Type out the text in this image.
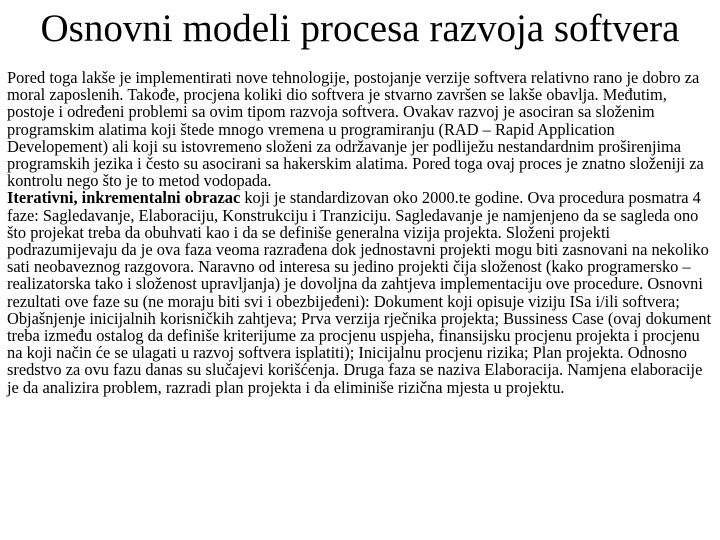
Osnovni modeli procesa razvoja softvera

Pored toga lakše je implementirati nove tehnologije, postojanje verzije softvera relativno rano je dobro za moral zaposlenih. Takođe, procjena koliki dio softvera je stvarno završen se lakše obavlja. Međutim, postoje i određeni problemi sa ovim tipom razvoja softvera. Ovakav razvoj je asociran sa složenim programskim alatima koji štede mnogo vremena u programiranju (RAD – Rapid Application Developement) ali koji su istovremeno složeni za održavanje jer podliježu nestandardnim proširenjima programskih jezika i često su asocirani sa hakerskim alatima. Pored toga ovaj proces je znatno složeniji za kontrolu nego što je to metod vodopada.

Iterativni, inkrementalni obrazac koji je standardizovan oko 2000.te godine. Ova procedura posmatra 4 faze: Sagledavanje, Elaboraciju, Konstrukciju i Tranziciju. Sagledavanje je namjenjeno da se sagleda ono što projekat treba da obuhvati kao i da se definiše generalna vizija projekta. Složeni projekti podrazumijevaju da je ova faza veoma razrađena dok jednostavni projekti mogu biti zasnovani na nekoliko sati neobaveznog razgovora. Naravno od interesa su jedino projekti čija složenost (kako programersko – realizatorska tako i složenost upravljanja) je dovoljna da zahtjeva implementaciju ove procedure. Osnovni rezultati ove faze su (ne moraju biti svi i obezbijeđeni): Dokument koji opisuje viziju ISa i/ili softvera; Objašnjenje inicijalnih korisničkih zahtjeva; Prva verzija rječnika projekta; Bussiness Case (ovaj dokument treba između ostalog da definiše kriterijume za procjenu uspjeha, finansijsku procjenu projekta i procjenu na koji način će se ulagati u razvoj softvera isplatiti); Inicijalnu procjenu rizika; Plan projekta. Odnosno sredstvo za ovu fazu danas su slučajevi korišćenja. Druga faza se naziva Elaboracija. Namjena elaboracije je da analizira problem, razradi plan projekta i da eliminiše rizična mjesta u projektu.
